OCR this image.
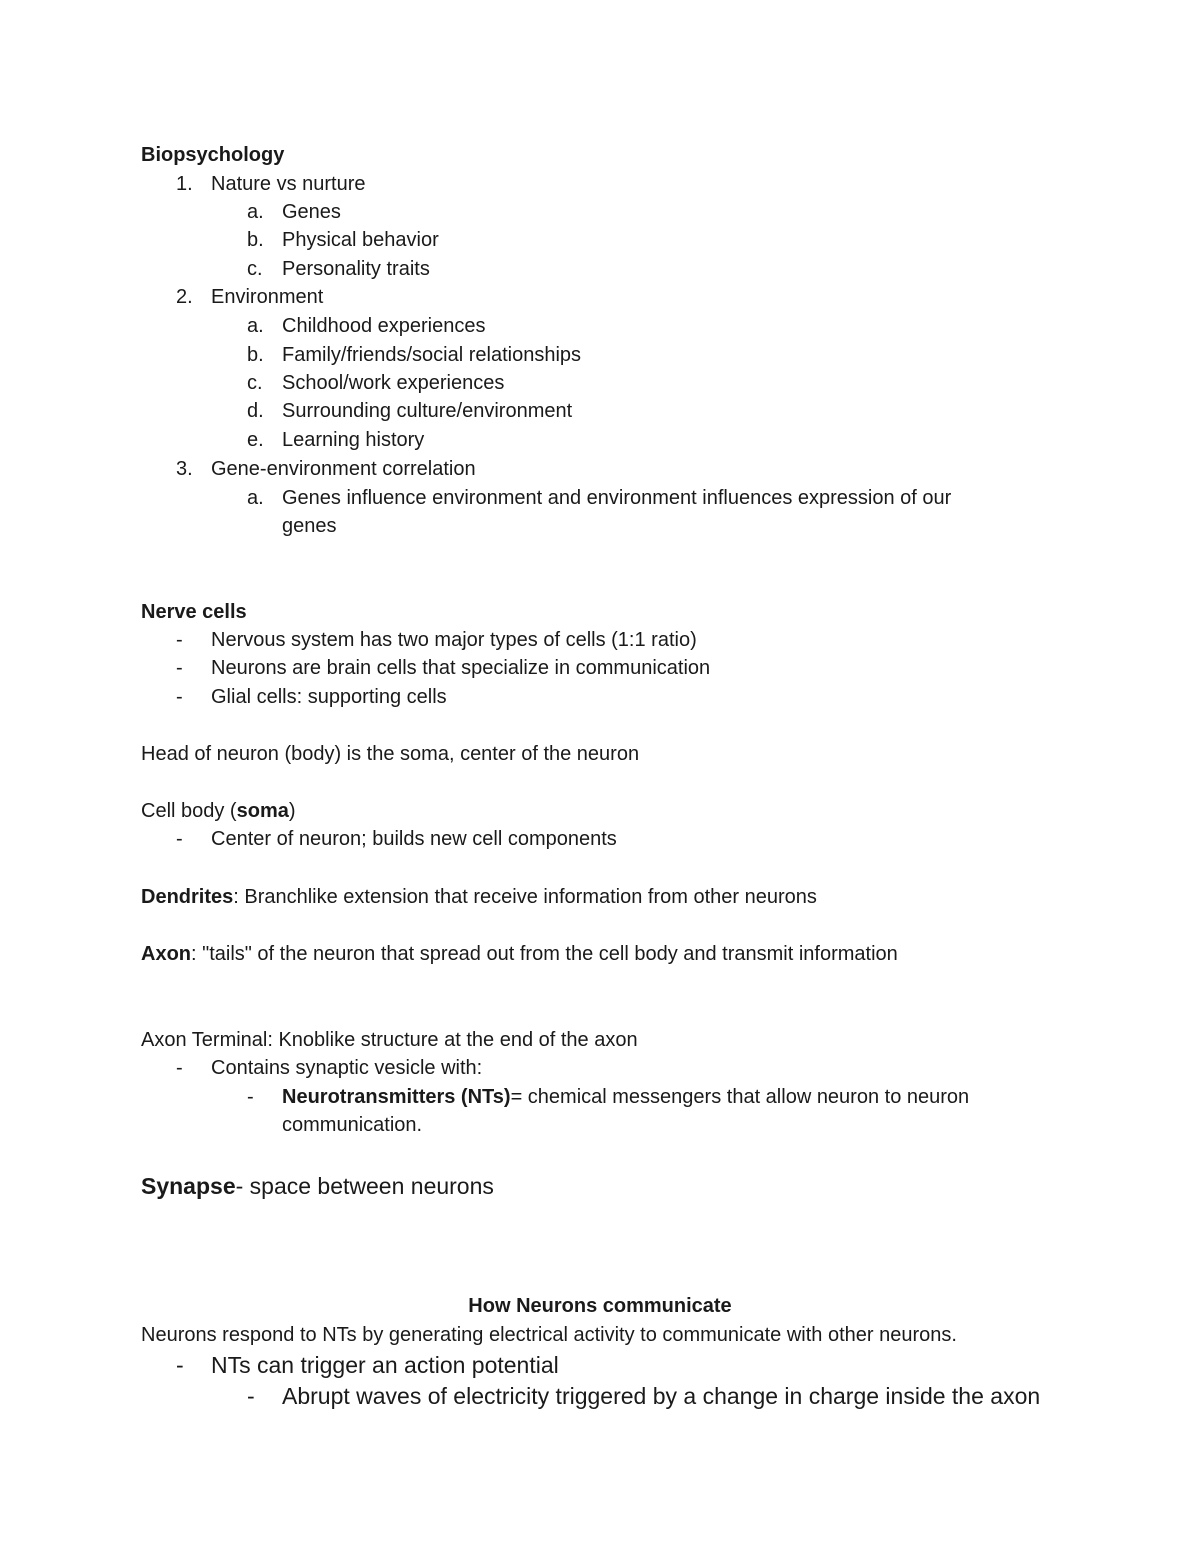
Biopsychology
1. Nature vs nurture
a. Genes
b. Physical behavior
c. Personality traits
2. Environment
a. Childhood experiences
b. Family/friends/social relationships
c. School/work experiences
d. Surrounding culture/environment
e. Learning history
3. Gene-environment correlation
a. Genes influence environment and environment influences expression of our
genes
Nerve cells
- Nervous system has two major types of cells (1:1 ratio)
- Neurons are brain cells that specialize in communication
- Glial cells: supporting cells
Head of neuron (body) is the soma, center of the neuron
Cell body (soma)
- Center of neuron; builds new cell components
Dendrites: Branchlike extension that receive information from other neurons
Axon: "tails" of the neuron that spread out from the cell body and transmit information
Axon Terminal: Knoblike structure at the end of the axon
- Contains synaptic vesicle with:
- Neurotransmitters (NTs)= chemical messengers that allow neuron to neuron
communication.
Synapse- space between neurons
How Neurons communicate
Neurons respond to NTs by generating electrical activity to communicate with other neurons.
- NTs can trigger an action potential
- Abrupt waves of electricity triggered by a change in charge inside the axon
